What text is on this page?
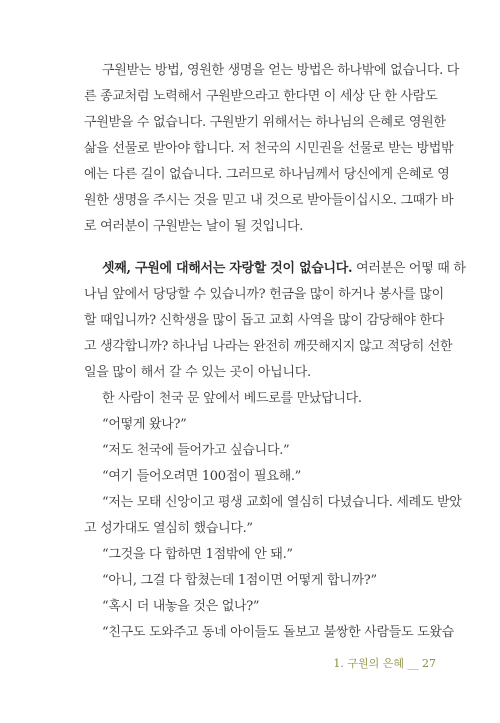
구원받는 방법, 영원한 생명을 얻는 방법은 하나밖에 없습니다. 다
른 종교처럼 노력해서 구원받으라고 한다면 이 세상 단 한 사람도
구원받을 수 없습니다. 구원받기 위해서는 하나님의 은혜로 영원한
삶을 선물로 받아야 합니다. 저 천국의 시민권을 선물로 받는 방법밖
에는 다른 길이 없습니다. 그러므로 하나님께서 당신에게 은혜로 영
원한 생명을 주시는 것을 믿고 내 것으로 받아들이십시오. 그때가 바
로 여러분이 구원받는 날이 될 것입니다.
셋째, 구원에 대해서는 자랑할 것이 없습니다. 여러분은 어떻 때 하
나님 앞에서 당당할 수 있습니까? 헌금을 많이 하거나 봉사를 많이
할 때입니까? 신학생을 많이 돕고 교회 사역을 많이 감당해야 한다
고 생각합니까? 하나님 나라는 완전히 깨끗해지지 않고 적당히 선한
일을 많이 해서 갈 수 있는 곳이 아닙니다.
한 사람이 천국 문 앞에서 베드로를 만났답니다.
“어떻게 왔나?”
“저도 천국에 들어가고 싶습니다.”
“여기 들어오려면 100점이 필요해.”
“저는 모태 신앙이고 평생 교회에 열심히 다녔습니다. 세례도 받았
고 성가대도 열심히 했습니다.”
“그것을 다 합하면 1점밖에 안 돼.”
“아니, 그걸 다 합쳤는데 1점이면 어떻게 합니까?”
“혹시 더 내놓을 것은 없나?”
“친구도 도와주고 동네 아이들도 돌보고 불쌍한 사람들도 도왔습
1. 구원의 은혜 __ 27
